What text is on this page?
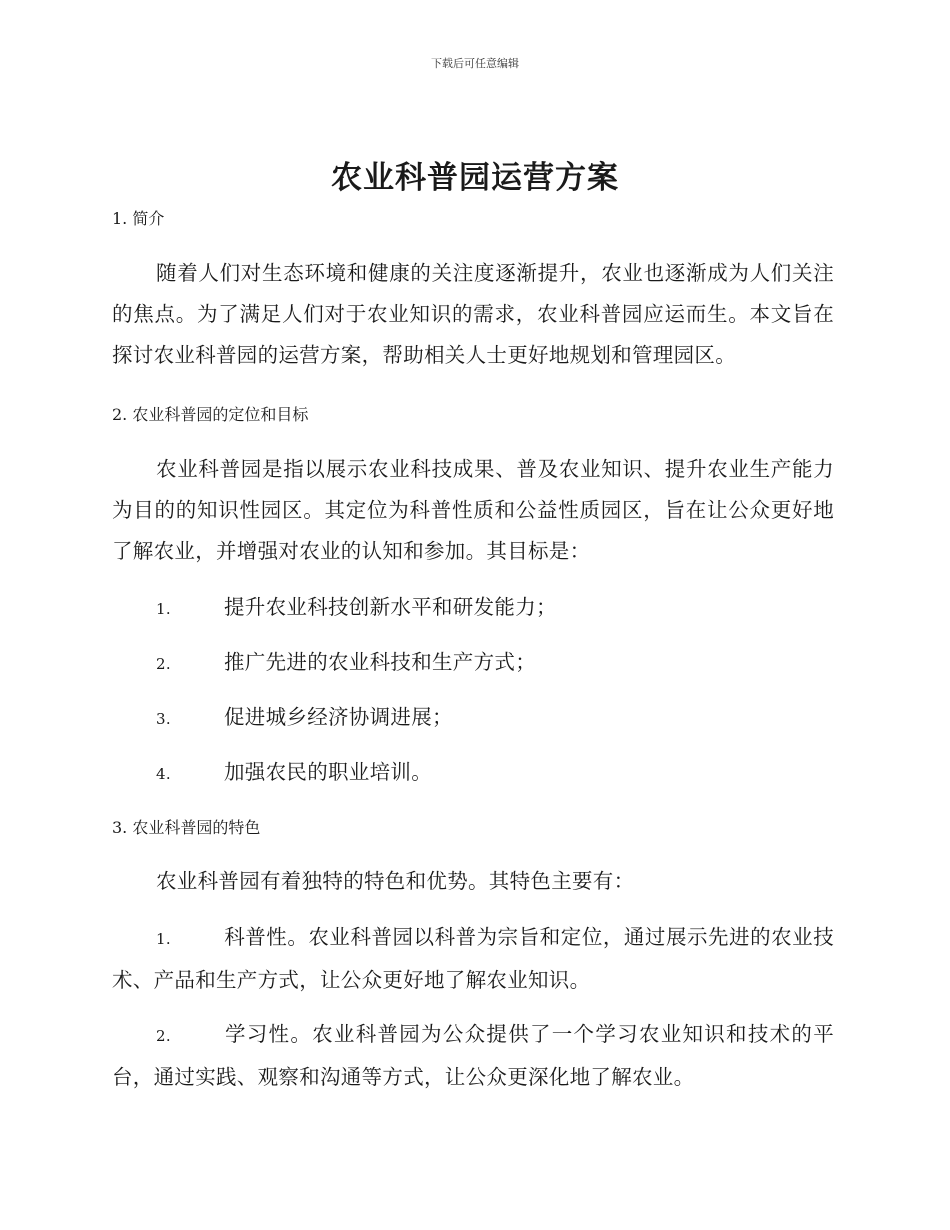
下载后可任意编辑
农业科普园运营方案
1. 简介
随着人们对生态环境和健康的关注度逐渐提升，农业也逐渐成为人们关注的焦点。为了满足人们对于农业知识的需求，农业科普园应运而生。本文旨在探讨农业科普园的运营方案，帮助相关人士更好地规划和管理园区。
2. 农业科普园的定位和目标
农业科普园是指以展示农业科技成果、普及农业知识、提升农业生产能力为目的的知识性园区。其定位为科普性质和公益性质园区，旨在让公众更好地了解农业，并增强对农业的认知和参加。其目标是：
1.	提升农业科技创新水平和研发能力；
2.	推广先进的农业科技和生产方式；
3.	促进城乡经济协调进展；
4.	加强农民的职业培训。
3. 农业科普园的特色
农业科普园有着独特的特色和优势。其特色主要有：
1.	科普性。农业科普园以科普为宗旨和定位，通过展示先进的农业技术、产品和生产方式，让公众更好地了解农业知识。
2.	学习性。农业科普园为公众提供了一个学习农业知识和技术的平台，通过实践、观察和沟通等方式，让公众更深化地了解农业。
